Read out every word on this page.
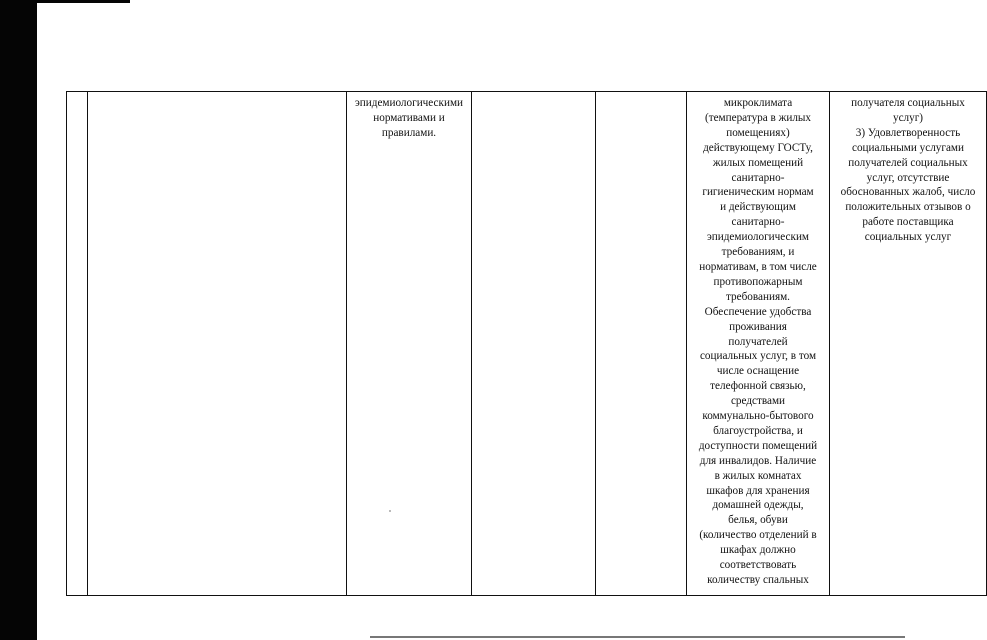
		эпидемиологическими
нормативами и
правилами.			микроклимата
(температура в жилых
помещениях)
действующему ГОСТу,
жилых помещений
санитарно-
гигиеническим нормам
и действующим
санитарно-
эпидемиологическим
требованиям, и
нормативам, в том числе
противопожарным
требованиям.
Обеспечение удобства
проживания
получателей
социальных услуг, в том
числе оснащение
телефонной связью,
средствами
коммунально-бытового
благоустройства, и
доступности помещений
для инвалидов. Наличие
в жилых комнатах
шкафов для хранения
домашней одежды,
белья, обуви
(количество отделений в
шкафах должно
соответствовать
количеству спальных	получателя социальных
услуг)
3) Удовлетворенность
социальными услугами
получателей социальных
услуг, отсутствие
обоснованных жалоб, число
положительных отзывов о
работе поставщика
социальных услуг
